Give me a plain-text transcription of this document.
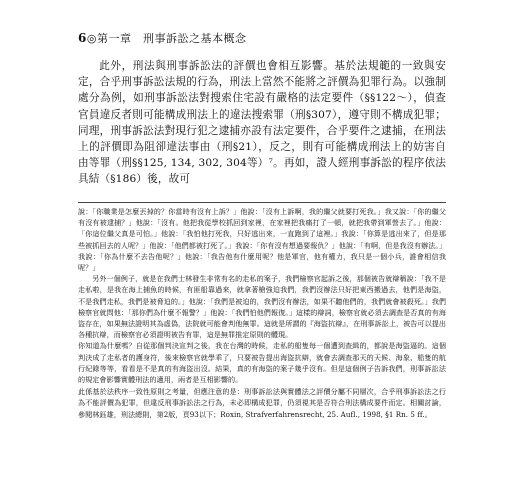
6◎第一章　刑事訴訟之基本概念

此外，刑法與刑事訴訟法的評價也會相互影響。基於法規範的一致與安定，合乎刑事訴訟法規的行為，刑法上當然不能將之評價為犯罪行為。以強制處分為例，如刑事訴訟法對搜索住宅設有嚴格的法定要件（§§122～），偵查官員違反者則可能構成刑法上的違法搜索罪（刑§307），遵守則不構成犯罪；同理，刑事訴訟法對現行犯之逮捕亦設有法定要件，合乎要件之逮捕，在刑法上的評價即為阻卻違法事由（刑§21），反之，則有可能構成刑法上的妨害自由等罪（刑§§125, 134, 302, 304等）⁷。再如，證人經刑事訴訟的程序依法具結（§186）後，故可

說：「你職業是怎麼丟掉的？你當時有沒有上訴？」他說：「沒有上訴啊，我的繼父就要打死我。」我又說：「你的繼父有沒有被逮捕？」他說：「沒有。他把我從學校抓回到家裡，在家裡把我痛打了一頓，就把我帶到軍營去了。」他說：「你這位繼父真是可怕。」他說：「我怕他打死我，只好逃出來，一直跑到了這裡。」我說：「你算是逃出來了，但是那些被抓回去的人呢？」他說：「他們都被打死了。」我說：「你有沒有想過要報仇？」他說：「有啊，但是我沒有辦法。」我說：「你為什麼不去告他呢？」他說：「我告他有什麼用呢？他是軍官，他有權力，我只是一個小兵，誰會相信我呢？」

另外一個例子，就是在我們士林發生非常有名的走私的案子，我們檢察官起訴之後，那個被告就辯稱說：「我不是走私啦，是我在海上捕魚的時候，有匪船靠過來，就拿著槍強迫我們，我們沒辦法只好把東西搬過去，他們是海盜，不是我們走私，我們是被脅迫的。」他說：「我們是被迫的，我們沒有辦法，如果不聽他們的，我們就會被殺死。」我們檢察官就問他：「那你們為什麼不報警？」他說：「我們怕他們報復。」這樣的辯詞，檢察官就必須去調查是否真的有海盜存在，如果無法證明其為虛偽，法院就可能會判他無罪。這就是所謂的『海盜抗辯』，在刑事訴訟上，被告可以提出各種抗辯，而檢察官必須證明被告有罪，這是無罪推定原則的體現。

你知道為什麼嗎？自從那個判決宣判之後，我在台灣的時候，走私的船隻每一個遭到查緝的，都說是海盜逼的。這個判決成了走私者的護身符，後來檢察官就學乖了，只要被告提出海盜抗辯，就會去調查那天的天候、海象、船隻的航行紀錄等等，看看是不是真的有海盜出沒。結果，真的有海盜的案子幾乎沒有。但是這個例子告訴我們，刑事訴訟法的規定會影響實體刑法的適用，兩者是互相影響的。

此係基於法秩序一致性原則之考量，但應注意的是：刑事訴訟法與實體法之評價分屬不同層次，合乎刑事訴訟法之行為不能評價為犯罪，但違反刑事訴訟法之行為，未必即構成犯罪，仍須視其是否符合刑法構成要件而定。相關討論，參閱林鈺雄，刑法總則，第2版，頁93以下；Roxin, Strafverfahrensrecht, 25. Aufl., 1998, §1 Rn. 5 ff.。
